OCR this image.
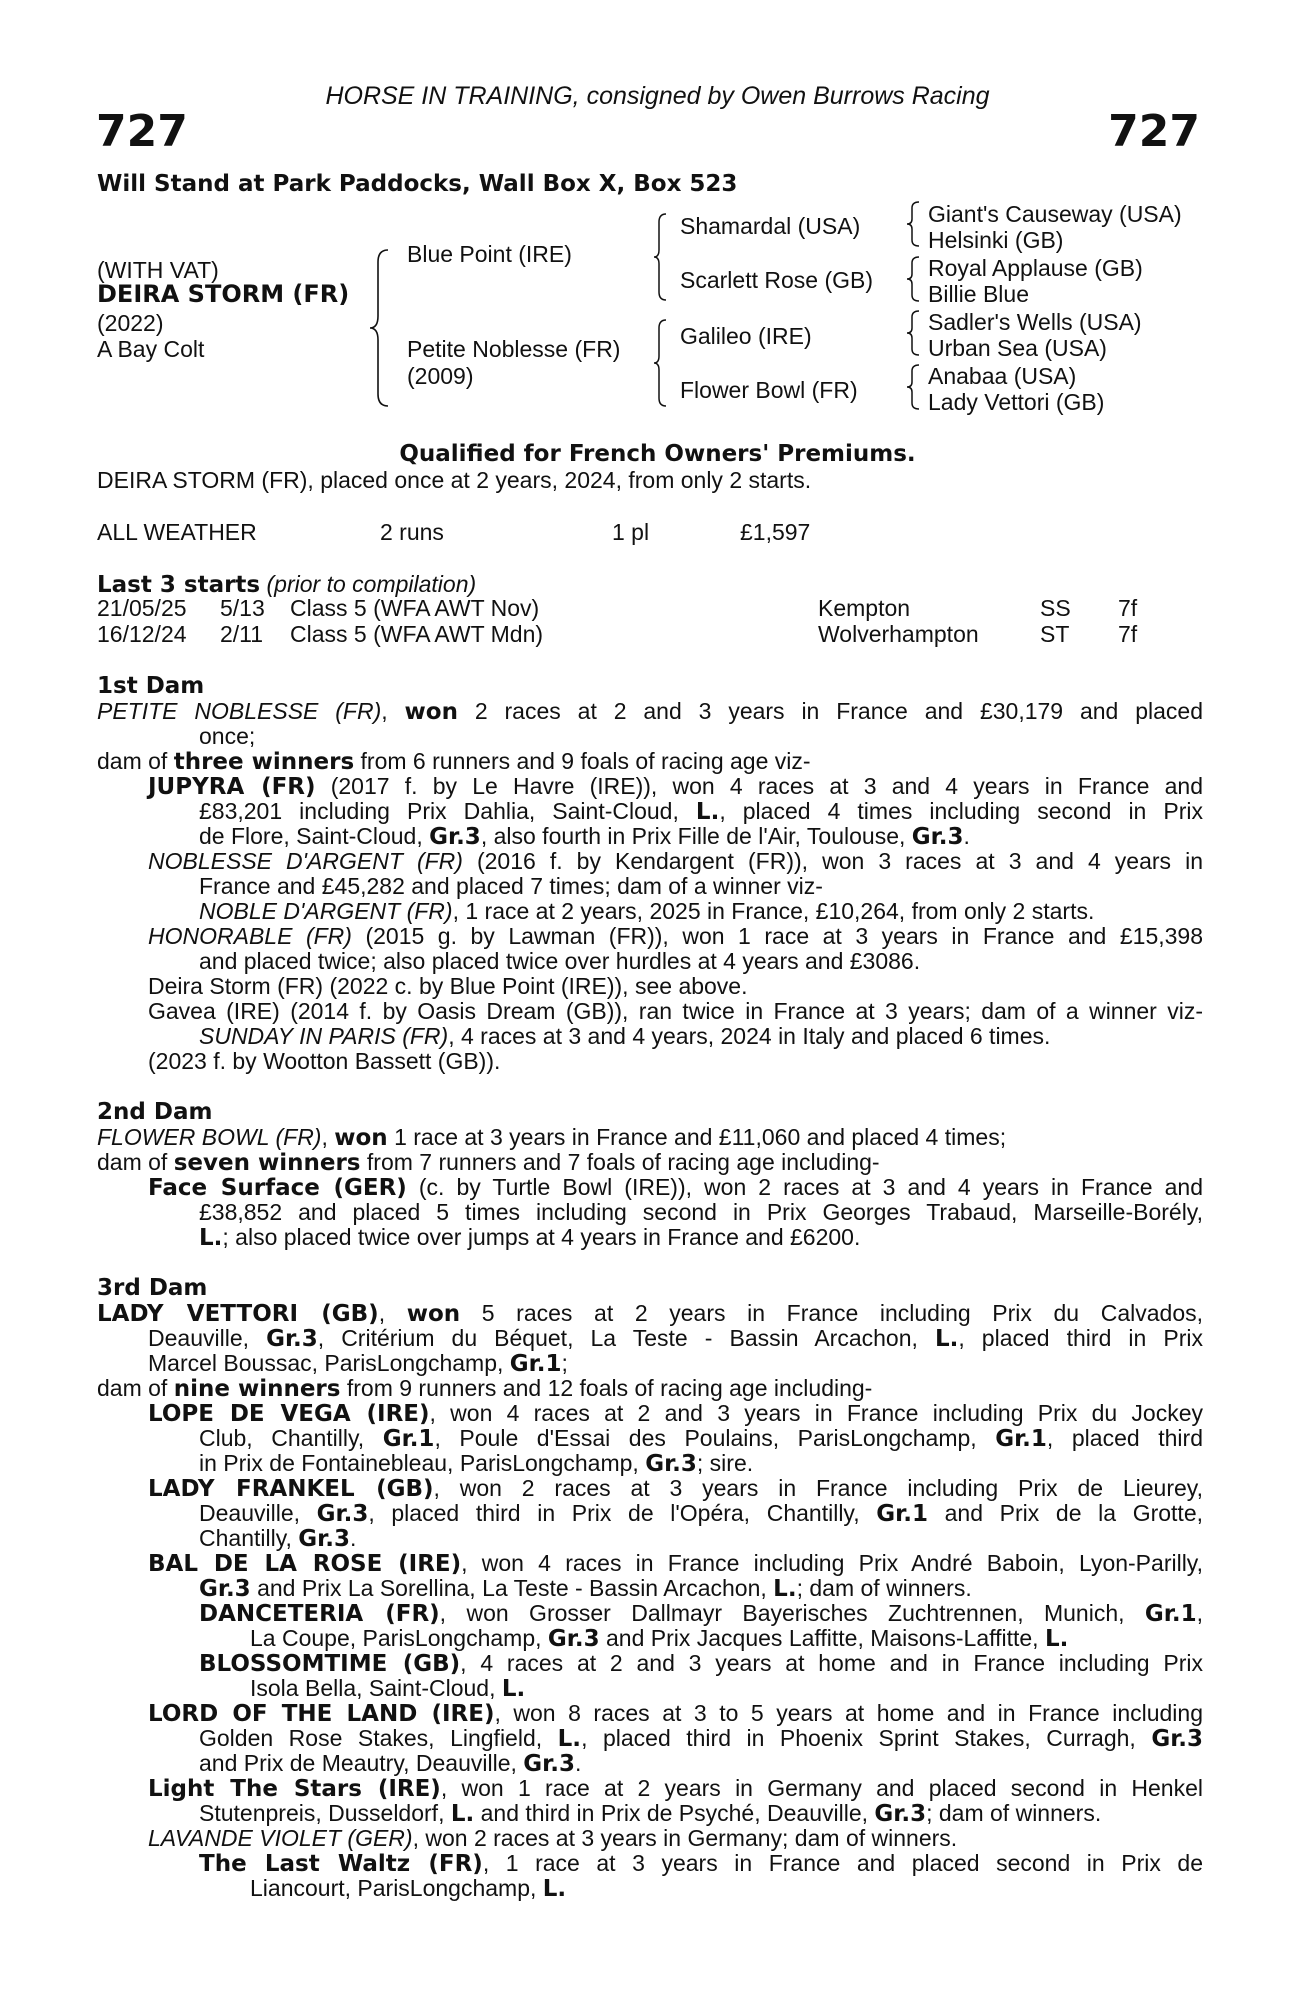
HORSE IN TRAINING, consigned by Owen Burrows Racing
727	727
Will Stand at Park Paddocks, Wall Box X, Box 523
(WITH VAT)
DEIRA STORM (FR)
(2022)
A Bay Colt
Blue Point (IRE)
Petite Noblesse (FR)
(2009)
Shamardal (USA)
Scarlett Rose (GB)
Galileo (IRE)
Flower Bowl (FR)
Giant's Causeway (USA)
Helsinki (GB)
Royal Applause (GB)
Billie Blue
Sadler's Wells (USA)
Urban Sea (USA)
Anabaa (USA)
Lady Vettori (GB)
Qualified for French Owners' Premiums.
DEIRA STORM (FR), placed once at 2 years, 2024, from only 2 starts.
ALL WEATHER	2 runs	1 pl	£1,597
Last 3 starts (prior to compilation)
21/05/25 5/13 Class 5 (WFA AWT Nov)	Kempton	SS 7f
16/12/24 2/11 Class 5 (WFA AWT Mdn)	Wolverhampton	ST 7f
1st Dam
PETITE NOBLESSE (FR), won 2 races at 2 and 3 years in France and £30,179 and placed
once;
dam of three winners from 6 runners and 9 foals of racing age viz-
JUPYRA (FR) (2017 f. by Le Havre (IRE)), won 4 races at 3 and 4 years in France and
£83,201 including Prix Dahlia, Saint-Cloud, L., placed 4 times including second in Prix
de Flore, Saint-Cloud, Gr.3, also fourth in Prix Fille de l'Air, Toulouse, Gr.3.
NOBLESSE D'ARGENT (FR) (2016 f. by Kendargent (FR)), won 3 races at 3 and 4 years in
France and £45,282 and placed 7 times; dam of a winner viz-
NOBLE D'ARGENT (FR), 1 race at 2 years, 2025 in France, £10,264, from only 2 starts.
HONORABLE (FR) (2015 g. by Lawman (FR)), won 1 race at 3 years in France and £15,398
and placed twice; also placed twice over hurdles at 4 years and £3086.
Deira Storm (FR) (2022 c. by Blue Point (IRE)), see above.
Gavea (IRE) (2014 f. by Oasis Dream (GB)), ran twice in France at 3 years; dam of a winner viz-
SUNDAY IN PARIS (FR), 4 races at 3 and 4 years, 2024 in Italy and placed 6 times.
(2023 f. by Wootton Bassett (GB)).
2nd Dam
FLOWER BOWL (FR), won 1 race at 3 years in France and £11,060 and placed 4 times;
dam of seven winners from 7 runners and 7 foals of racing age including-
Face Surface (GER) (c. by Turtle Bowl (IRE)), won 2 races at 3 and 4 years in France and
£38,852 and placed 5 times including second in Prix Georges Trabaud, Marseille-Borély,
L.; also placed twice over jumps at 4 years in France and £6200.
3rd Dam
LADY VETTORI (GB), won 5 races at 2 years in France including Prix du Calvados,
Deauville, Gr.3, Critérium du Béquet, La Teste - Bassin Arcachon, L., placed third in Prix
Marcel Boussac, ParisLongchamp, Gr.1;
dam of nine winners from 9 runners and 12 foals of racing age including-
LOPE DE VEGA (IRE), won 4 races at 2 and 3 years in France including Prix du Jockey
Club, Chantilly, Gr.1, Poule d'Essai des Poulains, ParisLongchamp, Gr.1, placed third
in Prix de Fontainebleau, ParisLongchamp, Gr.3; sire.
LADY FRANKEL (GB), won 2 races at 3 years in France including Prix de Lieurey,
Deauville, Gr.3, placed third in Prix de l'Opéra, Chantilly, Gr.1 and Prix de la Grotte,
Chantilly, Gr.3.
BAL DE LA ROSE (IRE), won 4 races in France including Prix André Baboin, Lyon-Parilly,
Gr.3 and Prix La Sorellina, La Teste - Bassin Arcachon, L.; dam of winners.
DANCETERIA (FR), won Grosser Dallmayr Bayerisches Zuchtrennen, Munich, Gr.1,
La Coupe, ParisLongchamp, Gr.3 and Prix Jacques Laffitte, Maisons-Laffitte, L.
BLOSSOMTIME (GB), 4 races at 2 and 3 years at home and in France including Prix
Isola Bella, Saint-Cloud, L.
LORD OF THE LAND (IRE), won 8 races at 3 to 5 years at home and in France including
Golden Rose Stakes, Lingfield, L., placed third in Phoenix Sprint Stakes, Curragh, Gr.3
and Prix de Meautry, Deauville, Gr.3.
Light The Stars (IRE), won 1 race at 2 years in Germany and placed second in Henkel
Stutenpreis, Dusseldorf, L. and third in Prix de Psyché, Deauville, Gr.3; dam of winners.
LAVANDE VIOLET (GER), won 2 races at 3 years in Germany; dam of winners.
The Last Waltz (FR), 1 race at 3 years in France and placed second in Prix de
Liancourt, ParisLongchamp, L.
